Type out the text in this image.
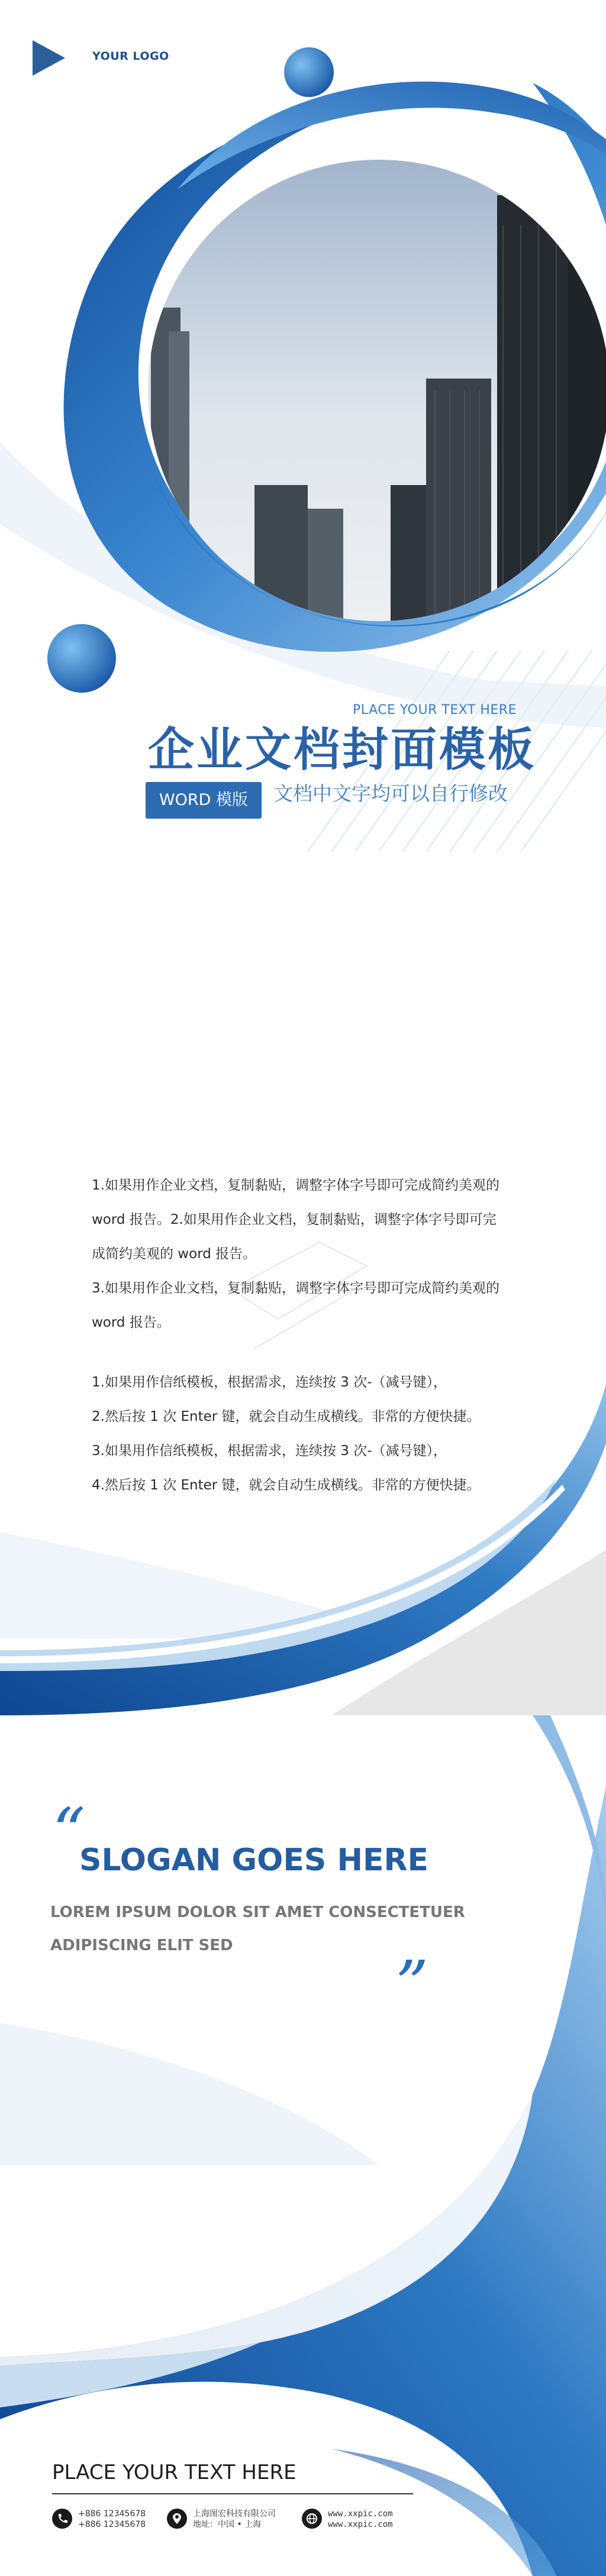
YOUR LOGO
PLACE YOUR TEXT HERE
企业文档封面模板
WORD 模版	文档中文字均可以自行修改
1.如果用作企业文档，复制黏贴，调整字体字号即可完成简约美观的
word 报告。2.如果用作企业文档，复制黏贴，调整字体字号即可完
成简约美观的 word 报告。
3.如果用作企业文档，复制黏贴，调整字体字号即可完成简约美观的
word 报告。
1.如果用作信纸模板，根据需求，连续按 3 次-（减号键），
2.然后按 1 次 Enter 键，就会自动生成横线。非常的方便快捷。
3.如果用作信纸模板，根据需求，连续按 3 次-（减号键），
4.然后按 1 次 Enter 键，就会自动生成横线。非常的方便快捷。
“
”
SLOGAN GOES HERE
LOREM IPSUM DOLOR SIT AMET CONSECTETUER
ADIPISCING ELIT SED
PLACE YOUR TEXT HERE
+886 12345678
+886 12345678
上海图宏科技有限公司
地址：中国 • 上海
www.xxpic.com
www.xxpic.com
